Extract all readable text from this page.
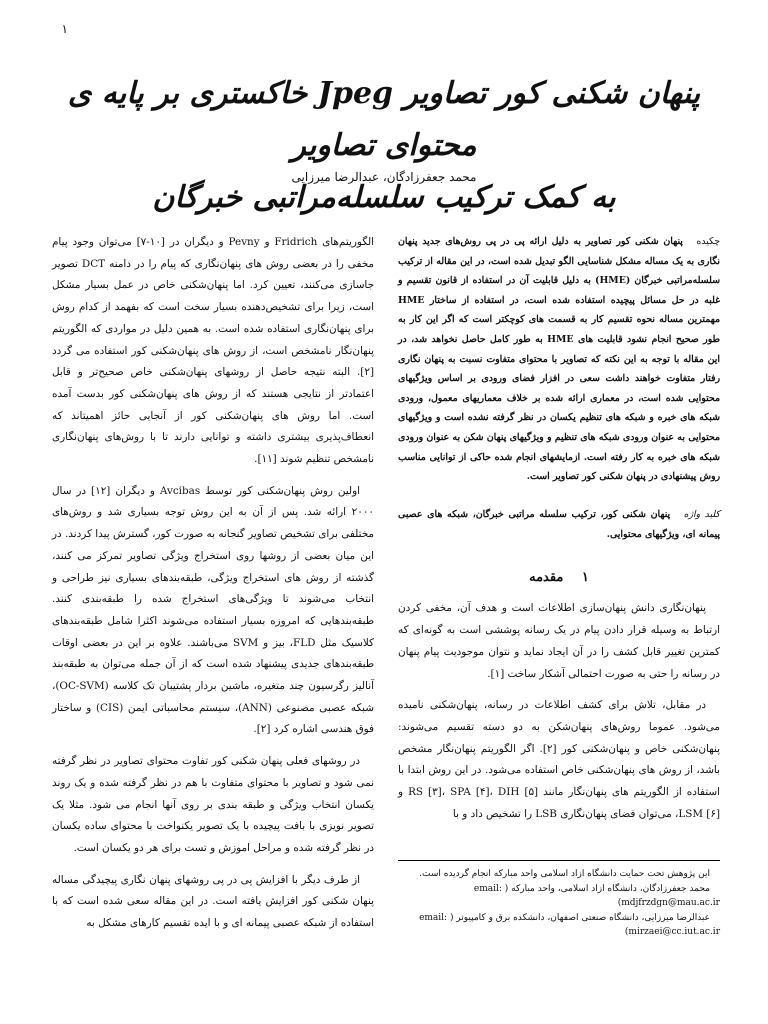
۱
پنهان شکنی کور تصاویر Jpeg خاکستری بر پایه ی محتوای تصاویر
به کمک ترکیب سلسله‌مراتبی خبرگان
محمد جعفرزادگان، عبدالرضا میرزایی

چکیده   پنهان شکنی کور تصاویر به دلیل ارائه پی در پی روش‌های جدید پنهان نگاری به یک مساله مشکل شناسایی الگو تبدیل شده است، در این مقاله از ترکیب سلسله‌مراتبی خبرگان (HME) به دلیل قابلیت آن در استفاده از قانون تقسیم و غلبه در حل مسائل پیچیده استفاده شده است، در استفاده از ساختار HME مهمترین مساله نحوه تقسیم کار به قسمت های کوچکتر است که اگر این کار به طور صحیح انجام نشود قابلیت های HME به طور کامل حاصل نخواهد شد، در این مقاله با توجه به این نکته که تصاویر با محتوای متفاوت نسبت به پنهان نگاری رفتار متفاوت خواهند داشت سعی در افزار فضای ورودی بر اساس ویژگیهای محتوایی شده است، در معماری ارائه شده بر خلاف معماریهای معمول، ورودی شبکه های خبره و شبکه های تنظیم یکسان در نظر گرفته نشده است و ویژگیهای محتوایی به عنوان ورودی شبکه های تنظیم و ویژگیهای پنهان شکن به عنوان ورودی شبکه های خبره به کار رفته است. ازمایشهای انجام شده حاکی از توانایی مناسب روش پیشنهادی در پنهان شکنی کور تصاویر است.

کلید واژه   پنهان شکنی کور، ترکیب سلسله مراتبی خبرگان، شبکه های عصبی پیمانه ای، ویژگیهای محتوایی.

۱ مقدمه

پنهان‌نگاری دانش پنهان‌سازی اطلاعات است و هدف آن، مخفی کردن ارتباط به وسیله قرار دادن پیام در یک رسانه پوششی است به گونه‌ای که کمترین تغییر قابل کشف را در آن ایجاد نماید و نتوان موجودیت پیام پنهان در رسانه را حتی به صورت احتمالی آشکار ساخت [۱].

در مقابل، تلاش برای کشف اطلاعات در رسانه، پنهان‌شکنی نامیده می‌شود. عموما روش‌های پنهان‌شکن به دو دسته تقسیم می‌شوند: پنهان‌شکنی خاص و پنهان‌شکنی کور [۲]. اگر الگوریتم پنهان‌نگار مشخص باشد، از روش های پنهان‌شکنی خاص استفاده می‌شود. در این روش ابتدا با استفاده از الگوریتم های پنهان‌نگار مانند RS [۳]، SPA [۴]، DIH [۵] و LSM [۶]، می‌توان فضای پنهان‌نگاری LSB را تشخیص داد و با

الگوریتم‌های Fridrich و Pevny و دیگران در [۱۰-۷] می‌توان وجود پیام مخفی را در بعضی روش های پنهان‌نگاری که پیام را در دامنه DCT تصویر جاسازی می‌کنند، تعیین کرد. اما پنهان‌شکنی خاص در عمل بسیار مشکل است، زیرا برای تشخیص‌دهنده بسیار سخت است که بفهمد از کدام روش برای پنهان‌نگاری استفاده شده است. به همین دلیل در مواردی که الگوریتم پنهان‌نگار نامشخص است، از روش های پنهان‌شکنی کور استفاده می گردد [۲]. البته نتیجه حاصل از روشهای پنهان‌شکنی خاص صحیح‌تر و قابل اعتمادتر از نتایجی هستند که از روش های پنهان‌شکنی کور بدست آمده است. اما روش های پنهان‌شکنی کور از آنجایی حائز اهمیتاند که انعطاف‌پذیری بیشتری داشته و توانایی دارند تا با روش‌های پنهان‌نگاری نامشخص تنظیم شوند [۱۱].

اولین روش پنهان‌شکنی کور توسط Avcibas و دیگران [۱۲] در سال ۲۰۰۰ ارائه شد. پس از آن به این روش توجه بسیاری شد و روش‌های مختلفی برای تشخیص تصاویر گنجانه به صورت کور، گسترش پیدا کردند. در این میان بعضی از روشها روی استخراج ویژگی تصاویر تمرکز می کنند، گذشته از روش های استخراج ویژگی، طبقه‌بندهای بسیاری نیز طراحی و انتخاب می‌شوند تا ویژگی‌های استخراج شده را طبقه‌بندی کنند. طبقه‌بندهایی که امروزه بسیار استفاده می‌شوند اکثرا شامل طبقه‌بندهای کلاسیک مثل FLD، بیز و SVM می‌باشند. علاوه بر این در بعضی اوقات طبقه‌بندهای جدیدی پیشنهاد شده است که از آن جمله می‌توان به طبقه‌بند آنالیز رگرسیون چند متغیره، ماشین بردار پشتیبان تک کلاسه (OC-SVM)، شبکه عصبی مصنوعی (ANN)، سیستم محاسباتی ایمن (CIS) و ساختار فوق هندسی اشاره کرد [۲].

در روشهای فعلی پنهان شکنی کور تفاوت محتوای تصاویر در نظر گرفته نمی شود و تصاویر با محتوای متفاوت با هم در نظر گرفته شده و یک روند یکسان انتخاب ویژگی و طبقه بندی بر روی آنها انجام می شود. مثلا یک تصویر نویزی با بافت پیچیده با یک تصویر یکنواخت با محتوای ساده یکسان در نظر گرفته شده و مراحل اموزش و تست برای هر دو یکسان است.

از طرف دیگر با افزایش پی در پی روشهای پنهان نگاری پیچیدگی مساله پنهان شکنی کور افزایش یافته است. در این مقاله سعی شده است که با استفاده از شبکه عصبی پیمانه ای و با ایده تقسیم کارهای مشکل به

این پژوهش تحت حمایت دانشگاه ازاد اسلامی واحد مبارکه انجام گردیده است.

محمد جعفرزادگان، دانشگاه ازاد اسلامی، واحد مبارکه ( email: mdjfrzdgn@mau.ac.ir)

عبدالرضا میرزایی، دانشگاه صنعتی اصفهان، دانشکده برق و کامپیوتر ( email: mirzaei@cc.iut.ac.ir)
